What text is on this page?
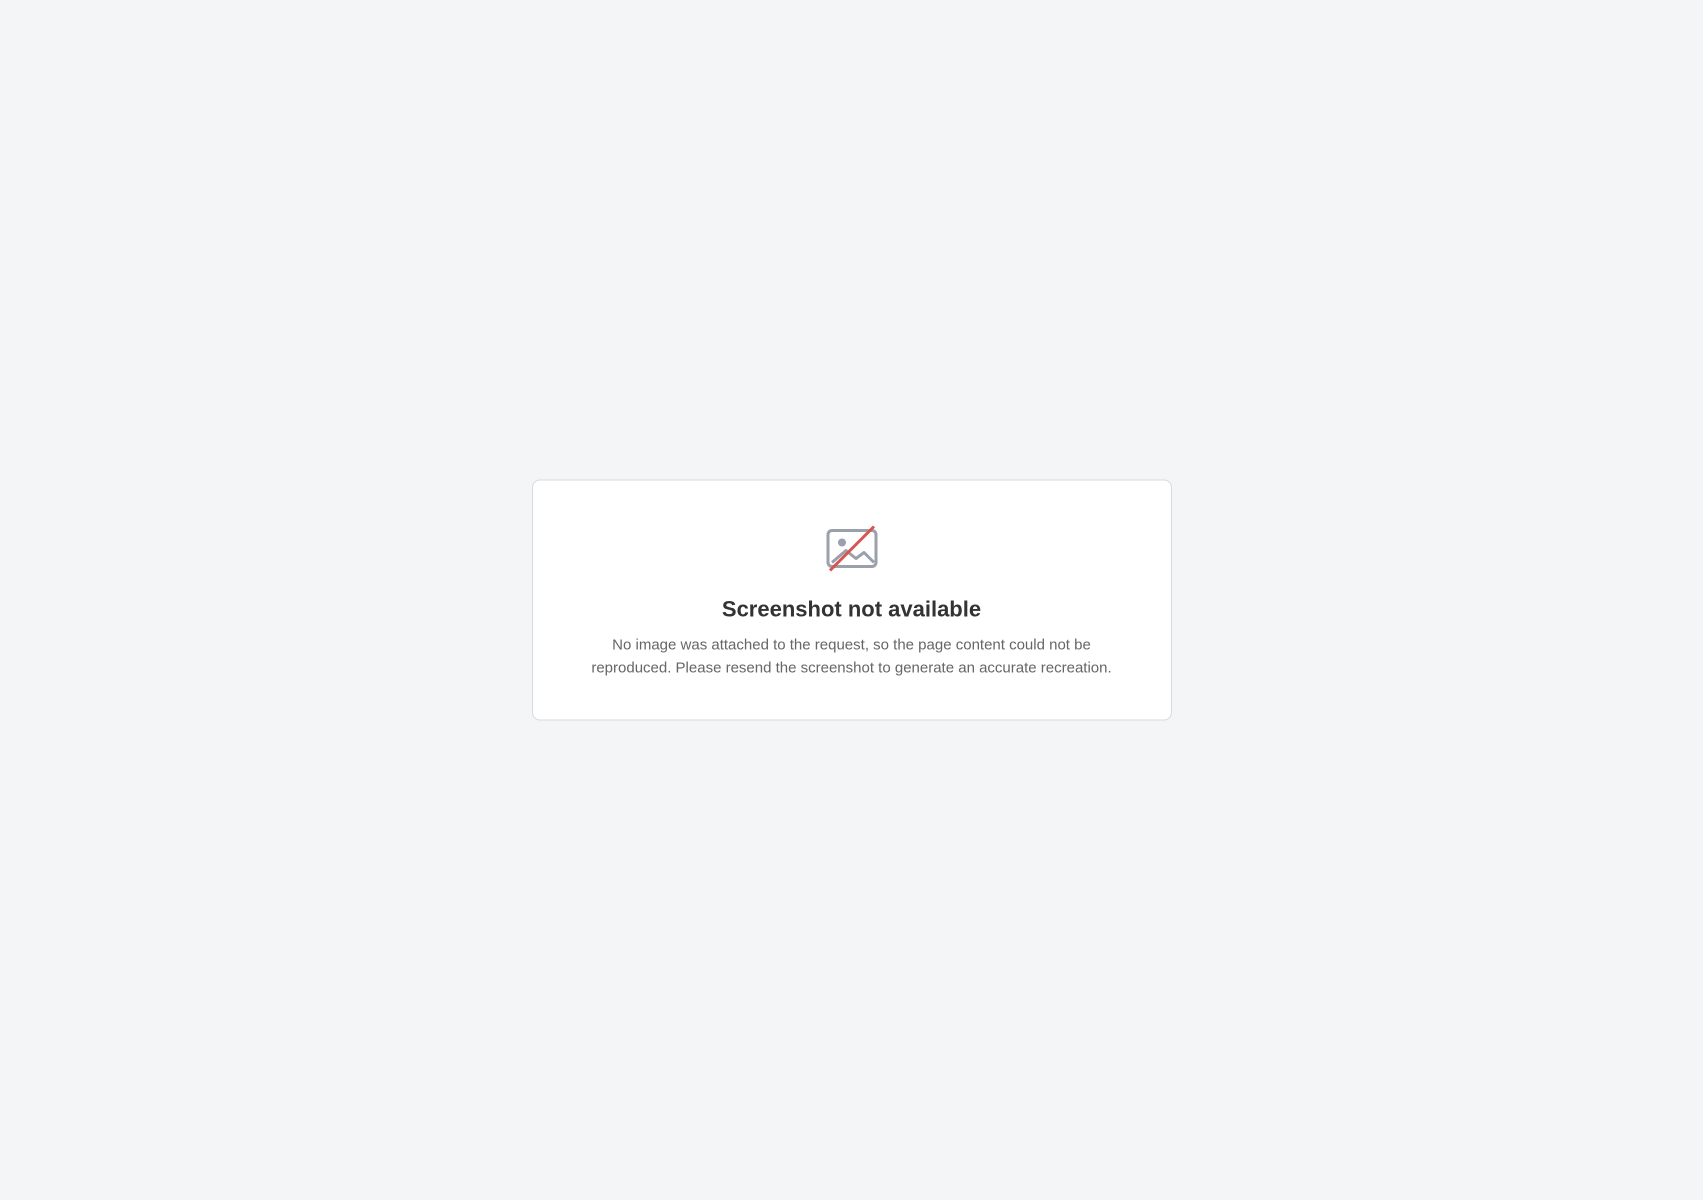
Screenshot not available

No image was attached to the request, so the page content could not be reproduced. Please resend the screenshot to generate an accurate recreation.
